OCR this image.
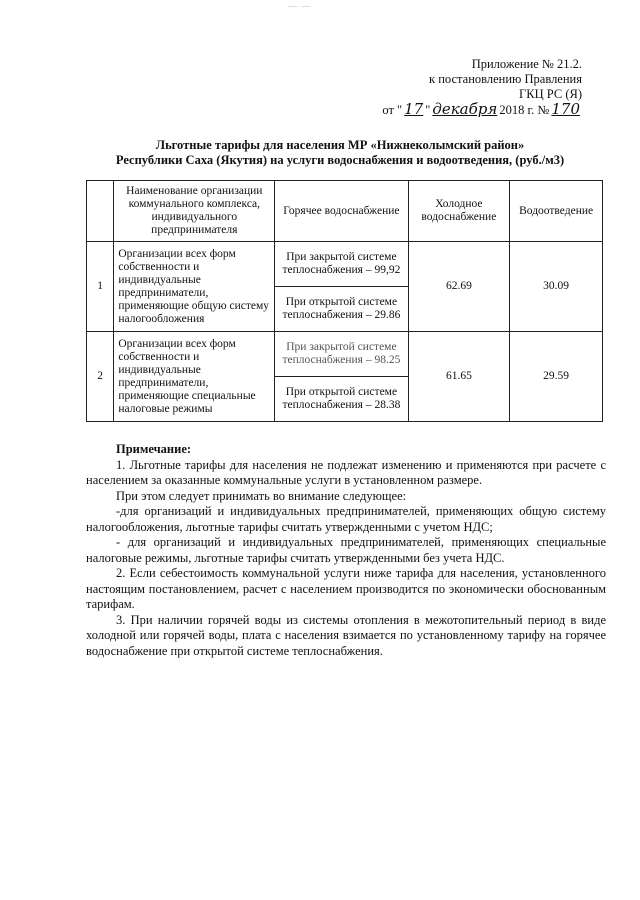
— —
Приложение № 21.2.
к постановлению Правления
ГКЦ РС (Я)
от " 17 " декабря 2018 г. № 170
Льготные тарифы для населения МР «Нижнеколымский район»
Республики Саха (Якутия) на услуги водоснабжения и водоотведения, (руб./м3)
	Наименование организации коммунального комплекса, индивидуального предпринимателя	Горячее водоснабжение	Холодное водоснабжение	Водоотведение
1	Организации всех форм собственности и индивидуальные предприниматели, применяющие общую систему налогообложения	При закрытой системе теплоснабжения – 99,92	62.69	30.09
		При открытой системе теплоснабжения – 29.86		
2	Организации всех форм собственности и индивидуальные предприниматели, применяющие специальные налоговые режимы	При закрытой системе теплоснабжения – 98.25	61.65	29.59
		При открытой системе теплоснабжения – 28.38		

Примечание:

1. Льготные тарифы для населения не подлежат изменению и применяются при расчете с населением за оказанные коммунальные услуги в установленном размере.

При этом следует принимать во внимание следующее:

-для организаций и индивидуальных предпринимателей, применяющих общую систему налогообложения, льготные тарифы считать утвержденными с учетом НДС;

- для организаций и индивидуальных предпринимателей, применяющих специальные налоговые режимы, льготные тарифы считать утвержденными без учета НДС.

2. Если себестоимость коммунальной услуги ниже тарифа для населения, установленного настоящим постановлением, расчет с населением производится по экономически обоснованным тарифам.

3. При наличии горячей воды из системы отопления в межотопительный период в виде холодной или горячей воды, плата с населения взимается по установленному тарифу на горячее водоснабжение при открытой системе теплоснабжения.
